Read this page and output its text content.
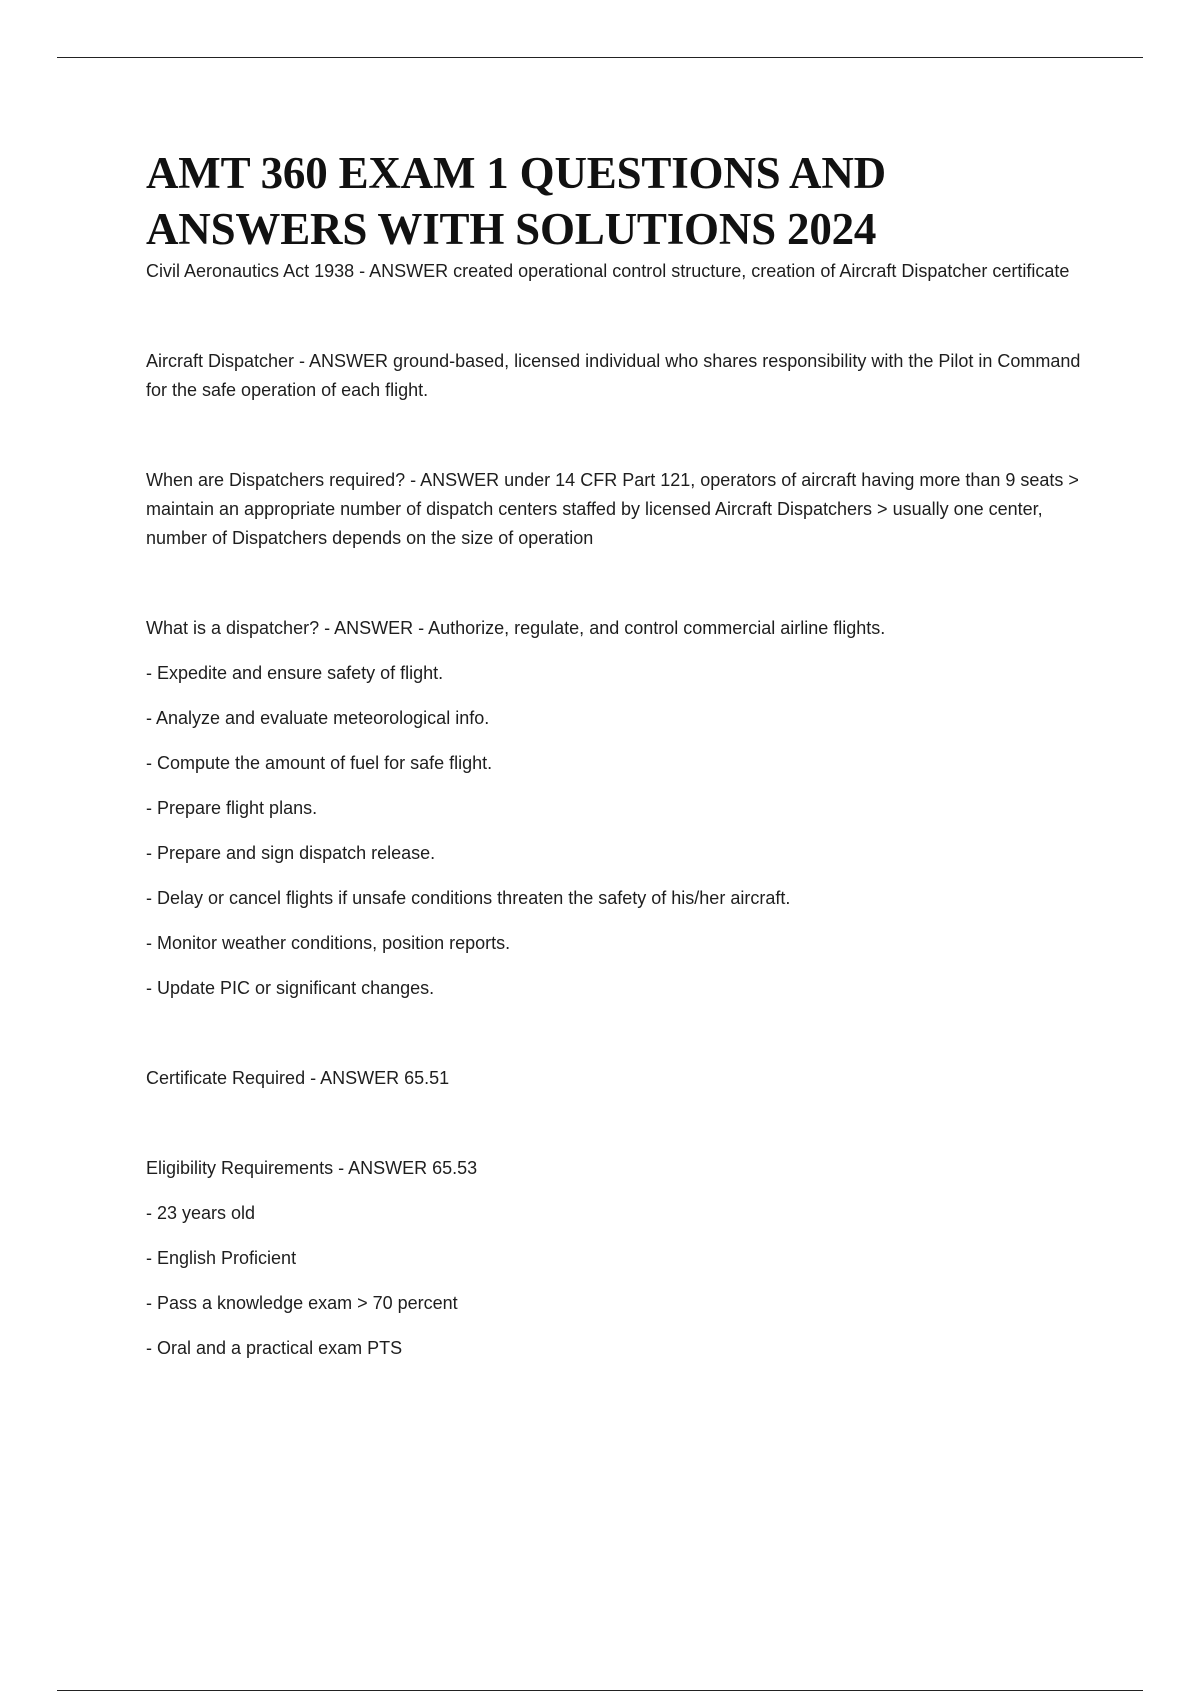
AMT 360 EXAM 1 QUESTIONS AND ANSWERS WITH SOLUTIONS 2024

Civil Aeronautics Act 1938 - ANSWER created operational control structure, creation of Aircraft Dispatcher certificate

Aircraft Dispatcher - ANSWER ground-based, licensed individual who shares responsibility with the Pilot in Command for the safe operation of each flight.

When are Dispatchers required? - ANSWER under 14 CFR Part 121, operators of aircraft having more than 9 seats > maintain an appropriate number of dispatch centers staffed by licensed Aircraft Dispatchers > usually one center, number of Dispatchers depends on the size of operation

What is a dispatcher? - ANSWER - Authorize, regulate, and control commercial airline flights.

- Expedite and ensure safety of flight.

- Analyze and evaluate meteorological info.

- Compute the amount of fuel for safe flight.

- Prepare flight plans.

- Prepare and sign dispatch release.

- Delay or cancel flights if unsafe conditions threaten the safety of his/her aircraft.

- Monitor weather conditions, position reports.

- Update PIC or significant changes.

Certificate Required - ANSWER 65.51

Eligibility Requirements - ANSWER 65.53

- 23 years old

- English Proficient

- Pass a knowledge exam > 70 percent

- Oral and a practical exam PTS
